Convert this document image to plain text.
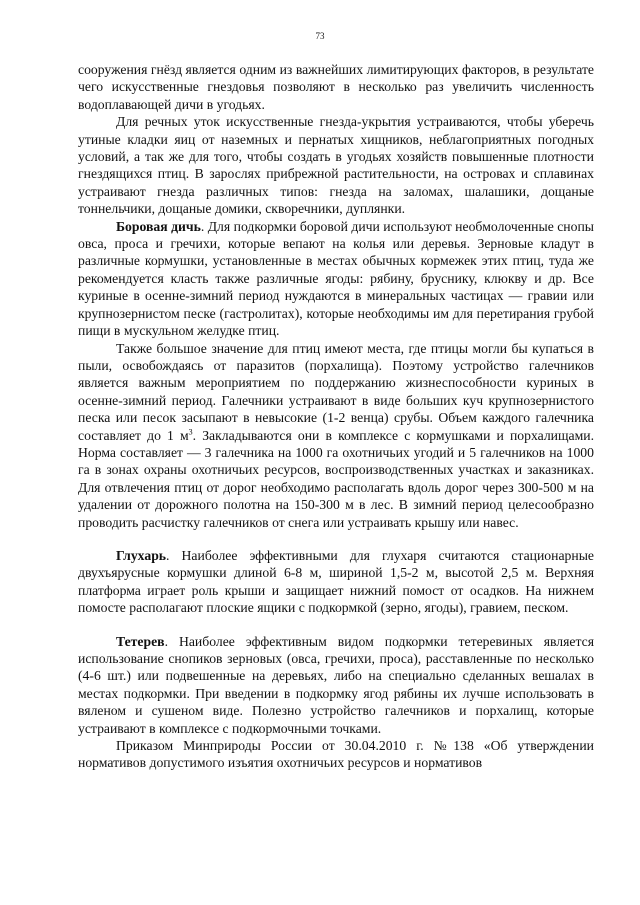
73

сооружения гнёзд является одним из важнейших лимитирующих факторов, в результате чего искусственные гнездовья позволяют в несколько раз увеличить численность водоплавающей дичи в угодьях.

Для речных уток искусственные гнезда-укрытия устраиваются, чтобы уберечь утиные кладки яиц от наземных и пернатых хищников, неблагоприятных погодных условий, а так же для того, чтобы создать в угодьях хозяйств повышенные плотности гнездящихся птиц. В зарослях прибрежной растительности, на островах и сплавинах устраивают гнезда различных типов: гнезда на заломах, шалашики, дощаные тоннельчики, дощаные домики, скворечники, дуплянки.

Боровая дичь. Для подкормки боровой дичи используют необмолоченные снопы овса, проса и гречихи, которые вепают на колья или деревья. Зерновые кладут в различные кормушки, установленные в местах обычных кормежек этих птиц, туда же рекомендуется класть также различные ягоды: рябину, бруснику, клюкву и др. Все куриные в осенне-зимний период нуждаются в минеральных частицах — гравии или крупнозернистом песке (гастролитах), которые необходимы им для перетирания грубой пищи в мускульном желудке птиц.

Также большое значение для птиц имеют места, где птицы могли бы купаться в пыли, освобождаясь от паразитов (порхалища). Поэтому устройство галечников является важным мероприятием по поддержанию жизнеспособности куриных в осенне-зимний период. Галечники устраивают в виде больших куч крупнозернистого песка или песок засыпают в невысокие (1-2 венца) срубы. Объем каждого галечника составляет до 1 $м^3$. Закладываются они в комплексе с кормушками и порхалищами. Норма составляет — 3 галечника на 1000 га охотничьих угодий и 5 галечников на 1000 га в зонах охраны охотничьих ресурсов, воспроизводственных участках и заказниках. Для отвлечения птиц от дорог необходимо располагать вдоль дорог через 300-500 м на удалении от дорожного полотна на 150-300 м в лес. В зимний период целесообразно проводить расчистку галечников от снега или устраивать крышу или навес.

Глухарь. Наиболее эффективными для глухаря считаются стационарные двухъярусные кормушки длиной 6-8 м, шириной 1,5-2 м, высотой 2,5 м. Верхняя платформа играет роль крыши и защищает нижний помост от осадков. На нижнем помосте располагают плоские ящики с подкормкой (зерно, ягоды), гравием, песком.

Тетерев. Наиболее эффективным видом подкормки тетеревиных является использование снопиков зерновых (овса, гречихи, проса), расставленные по несколько (4-6 шт.) или подвешенные на деревьях, либо на специально сделанных вешалах в местах подкормки. При введении в подкормку ягод рябины их лучше использовать в вяленом и сушеном виде. Полезно устройство галечников и порхалищ, которые устраивают в комплексе с подкормочными точками.

Приказом Минприроды России от 30.04.2010 г. №138 «Об утверждении нормативов допустимого изъятия охотничьих ресурсов и нормативов
